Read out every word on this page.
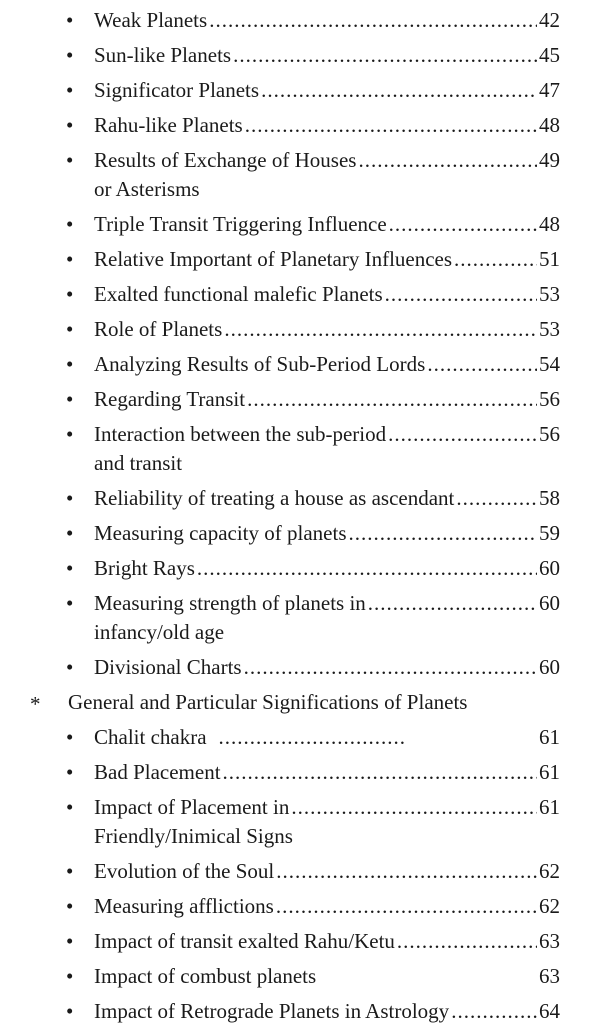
• Weak Planets .....	42
• Sun-like Planets .....	45
• Significator Planets .....	47
• Rahu-like Planets .....	48
• Results of Exchange of Houses .....	49
or Asterisms
• Triple Transit Triggering Influence .....	48
• Relative Important of Planetary Influences .....	51
• Exalted functional malefic Planets .....	53
• Role of Planets .....	53
• Analyzing Results of Sub-Period Lords .....	54
• Regarding Transit .....	56
• Interaction between the sub-period .....	56
and transit
• Reliability of treating a house as ascendant .....	58
• Measuring capacity of planets .....	59
• Bright Rays .....	60
• Measuring strength of planets in .....	60
infancy/old age
• Divisional Charts .....	60
* General and Particular Significations of Planets
• Chalit chakra .....	61
• Bad Placement .....	61
• Impact of Placement in .....	61
Friendly/Inimical Signs
• Evolution of the Soul .....	62
• Measuring afflictions .....	62
• Impact of transit exalted Rahu/Ketu .....	63
• Impact of combust planets	63
• Impact of Retrograde Planets in Astrology .....	64
